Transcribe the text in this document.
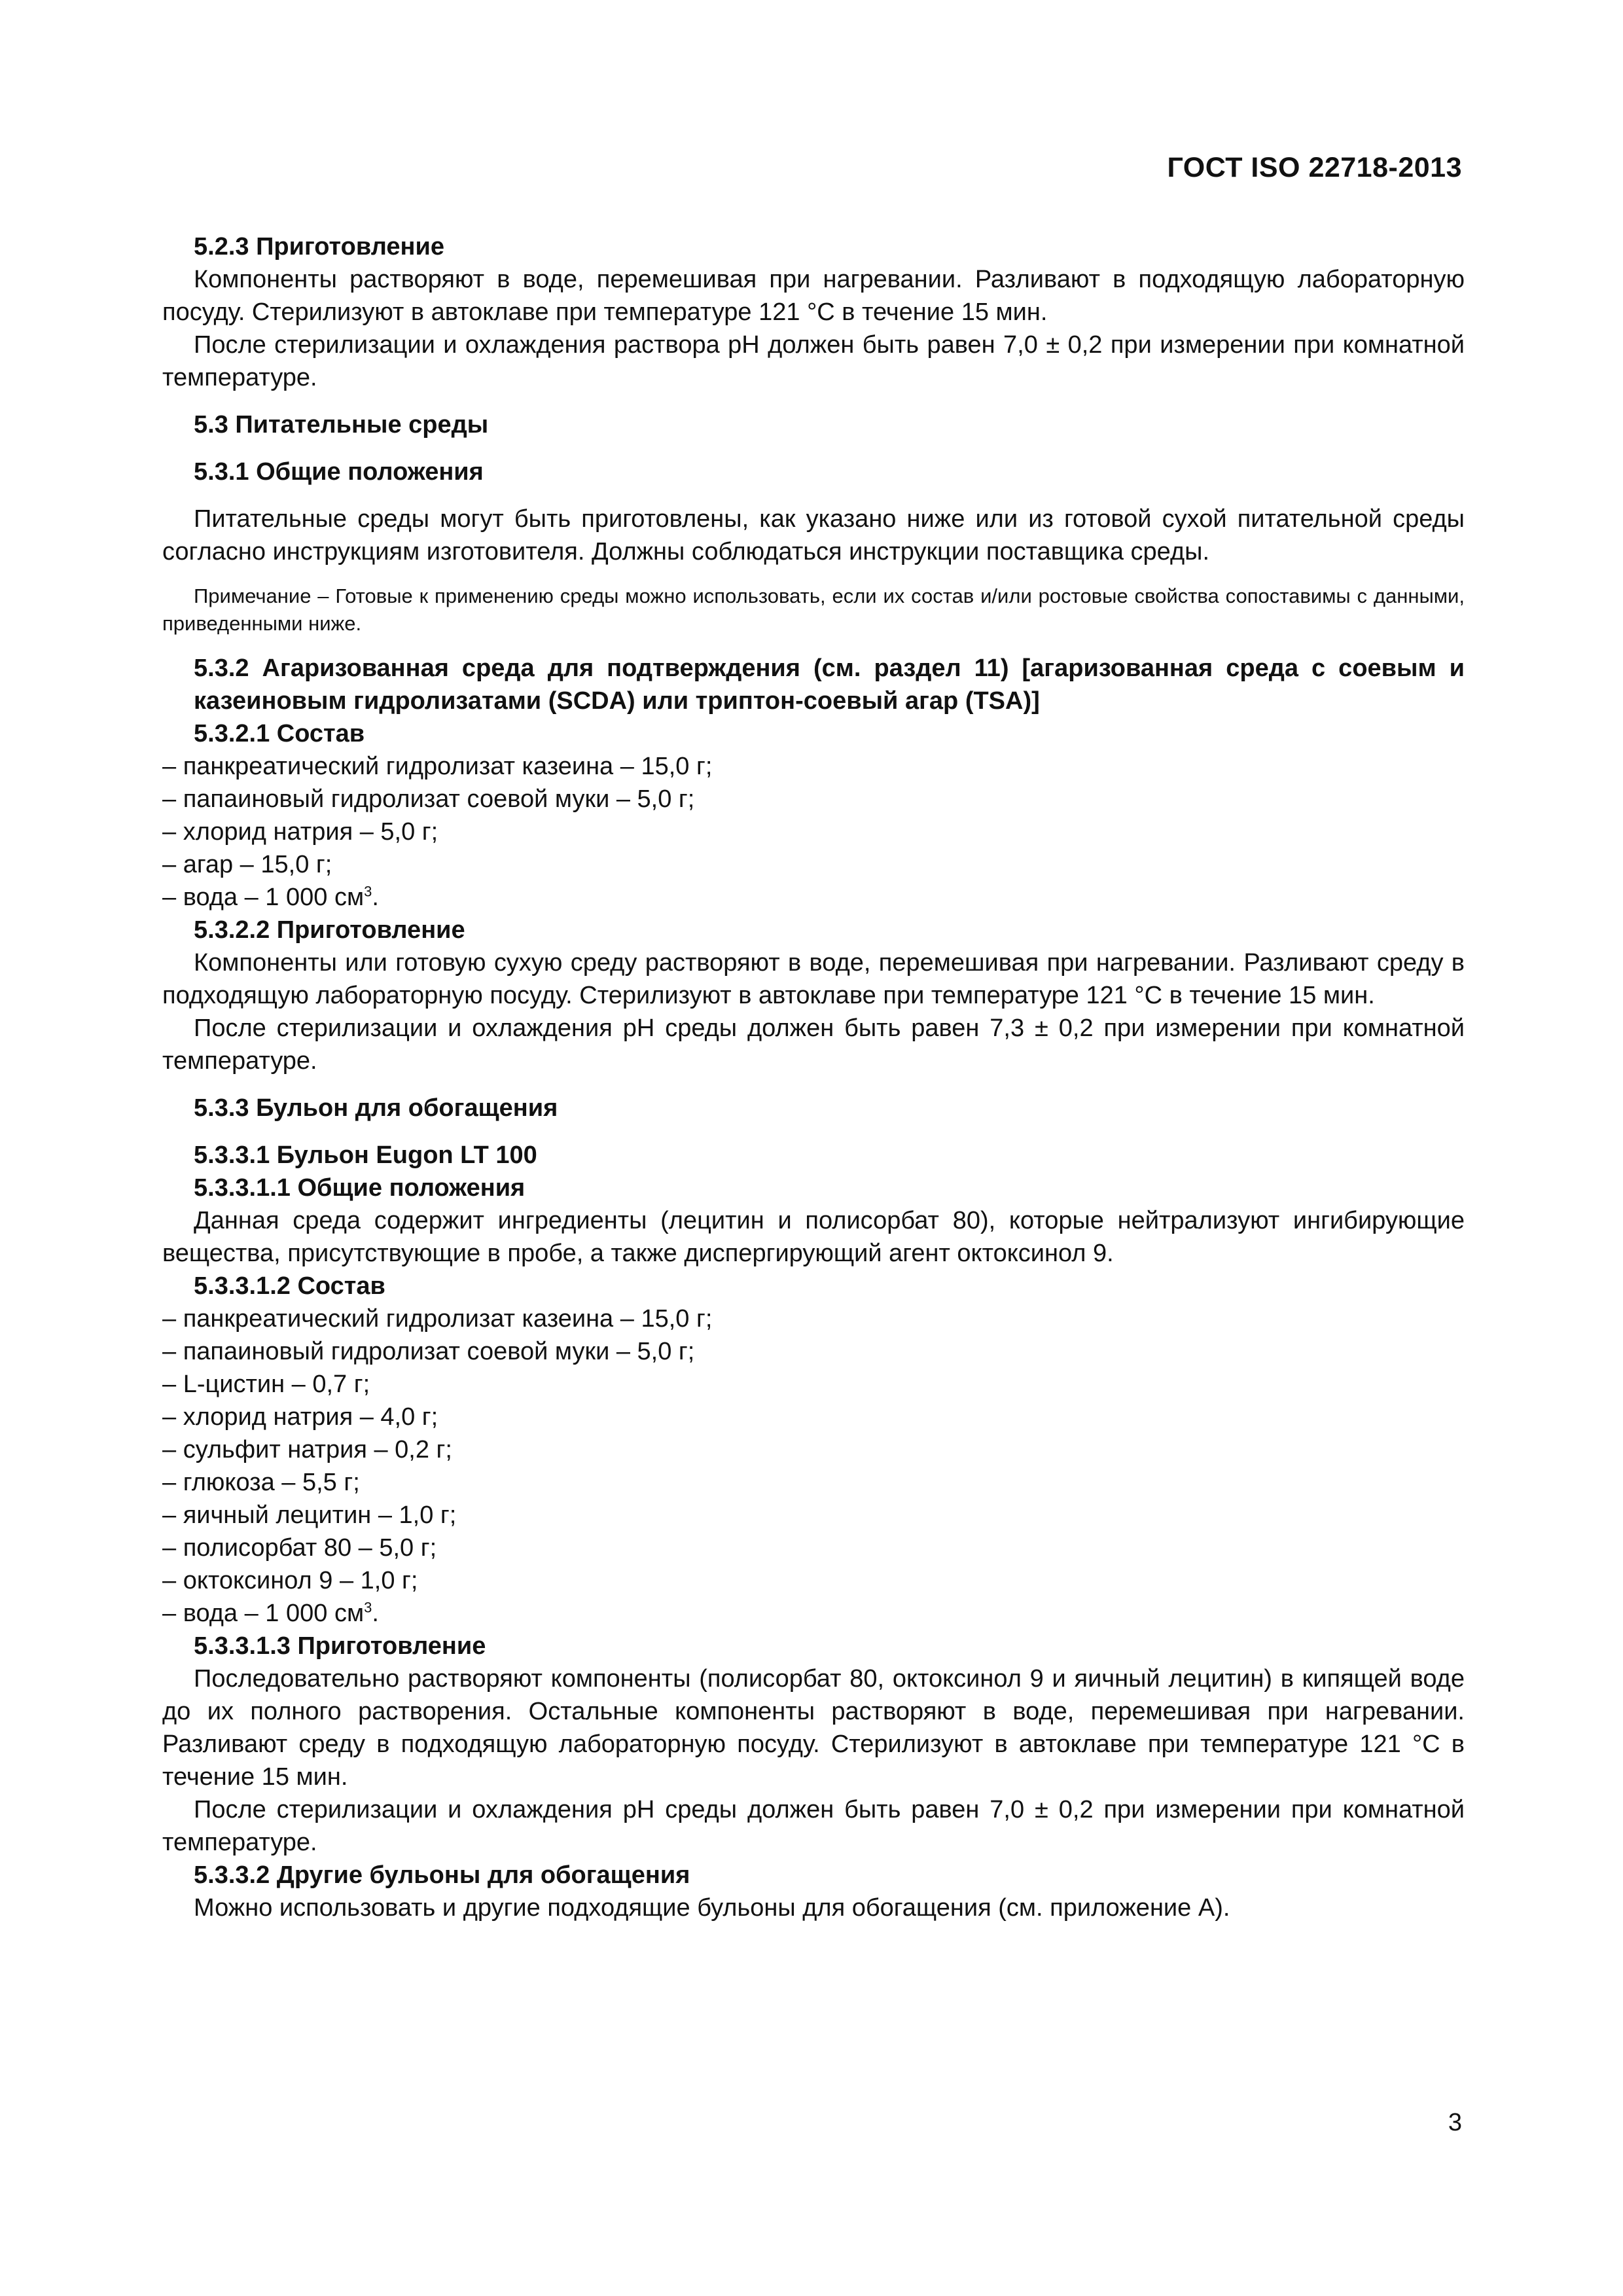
ГОСТ ISO 22718-2013
5.2.3 Приготовление
Компоненты растворяют в воде, перемешивая при нагревании. Разливают в подходящую лабораторную посуду. Стерилизуют в автоклаве при температуре 121 °С в течение 15 мин.
После стерилизации и охлаждения раствора pH должен быть равен 7,0 ± 0,2 при измерении при комнатной температуре.
5.3 Питательные среды
5.3.1 Общие положения
Питательные среды могут быть приготовлены, как указано ниже или из готовой сухой питательной среды согласно инструкциям изготовителя. Должны соблюдаться инструкции поставщика среды.
Примечание – Готовые к применению среды можно использовать, если их состав и/или ростовые свойства сопоставимы с данными, приведенными ниже.
5.3.2 Агаризованная среда для подтверждения (см. раздел 11) [агаризованная среда с соевым и казеиновым гидролизатами (SCDA) или триптон-соевый агар (TSA)]
5.3.2.1 Состав
– панкреатический гидролизат казеина – 15,0 г;
– папаиновый гидролизат соевой муки – 5,0 г;
– хлорид натрия – 5,0 г;
– агар – 15,0 г;
– вода – 1 000 $см^3$.
5.3.2.2 Приготовление
Компоненты или готовую сухую среду растворяют в воде, перемешивая при нагревании. Разливают среду в подходящую лабораторную посуду. Стерилизуют в автоклаве при температуре 121 °С в течение 15 мин.
После стерилизации и охлаждения pH среды должен быть равен 7,3 ± 0,2 при измерении при комнатной температуре.
5.3.3 Бульон для обогащения
5.3.3.1 Бульон Eugon LT 100
5.3.3.1.1 Общие положения
Данная среда содержит ингредиенты (лецитин и полисорбат 80), которые нейтрализуют ингибирующие вещества, присутствующие в пробе, а также диспергирующий агент октоксинол 9.
5.3.3.1.2 Состав
– панкреатический гидролизат казеина – 15,0 г;
– папаиновый гидролизат соевой муки – 5,0 г;
– L-цистин – 0,7 г;
– хлорид натрия – 4,0 г;
– сульфит натрия – 0,2 г;
– глюкоза – 5,5 г;
– яичный лецитин – 1,0 г;
– полисорбат 80 – 5,0 г;
– октоксинол 9 – 1,0 г;
– вода – 1 000 $см^3$.
5.3.3.1.3 Приготовление
Последовательно растворяют компоненты (полисорбат 80, октоксинол 9 и яичный лецитин) в кипящей воде до их полного растворения. Остальные компоненты растворяют в воде, перемешивая при нагревании. Разливают среду в подходящую лабораторную посуду. Стерилизуют в автоклаве при температуре 121 °С в течение 15 мин.
После стерилизации и охлаждения pH среды должен быть равен 7,0 ± 0,2 при измерении при комнатной температуре.
5.3.3.2 Другие бульоны для обогащения
Можно использовать и другие подходящие бульоны для обогащения (см. приложение А).
3
